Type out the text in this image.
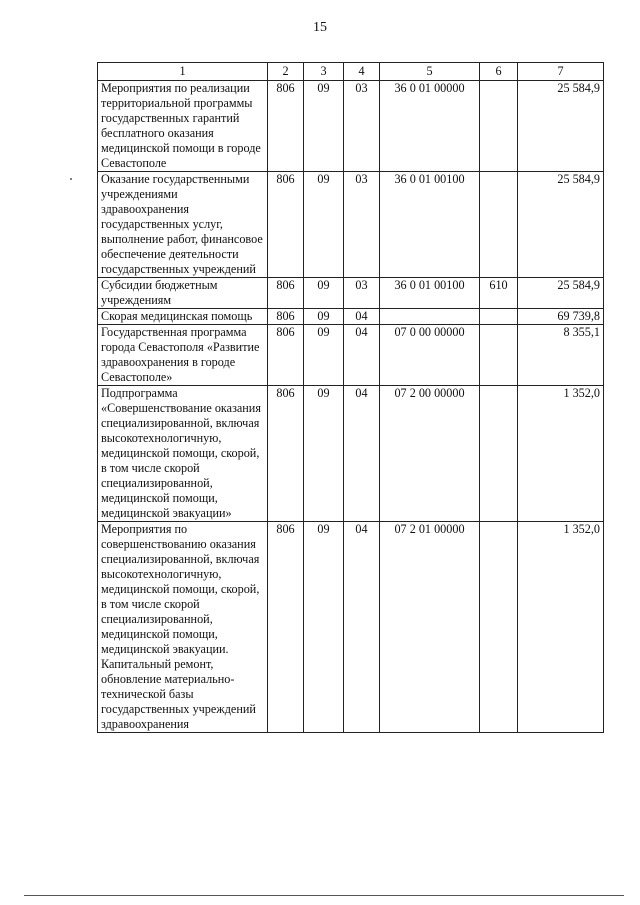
15
1	2	3	4	5	6	7
Мероприятия по реализации территориальной программы государственных гарантий бесплатного оказания медицинской помощи в городе Севастополе	806	09	03	36 0 01 00000		25 584,9
Оказание государственными учреждениями здравоохранения государственных услуг, выполнение работ, финансовое обеспечение деятельности государственных учреждений	806	09	03	36 0 01 00100		25 584,9
Субсидии бюджетным учреждениям	806	09	03	36 0 01 00100	610	25 584,9
Скорая медицинская помощь	806	09	04			69 739,8
Государственная программа города Севастополя «Развитие здравоохранения в городе Севастополе»	806	09	04	07 0 00 00000		8 355,1
Подпрограмма «Совершенствование оказания специализированной, включая высокотехнологичную, медицинской помощи, скорой, в том числе скорой специализированной, медицинской помощи, медицинской эвакуации»	806	09	04	07 2 00 00000		1 352,0
Мероприятия по совершенствованию оказания специализированной, включая высокотехнологичную, медицинской помощи, скорой, в том числе скорой специализированной, медицинской помощи, медицинской эвакуации. Капитальный ремонт, обновление материально-технической базы государственных учреждений здравоохранения	806	09	04	07 2 01 00000		1 352,0
